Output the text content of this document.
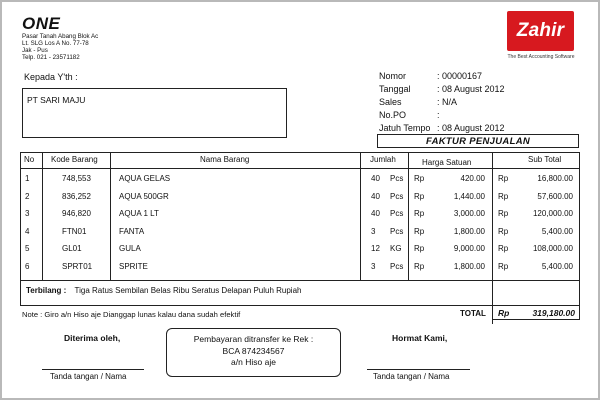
ONE
Pasar Tanah Abang Blok Ac
Lt. SLG Los A No. 77-78
Jak - Pus
Telp. 021 - 23571182
Zahir
The Best Accounting Software
Kepada Y'th :
PT SARI MAJU
Nomor	: 00000167
Tanggal	: 08 August 2012
Sales	: N/A
No.PO	:
Jatuh Tempo : 08 August 2012
FAKTUR PENJUALAN
No Kode Barang	Nama Barang	Jumlah	Harga Satuan	Sub Total
1	748,553	AQUA GELAS	40 Pcs Rp	420.00 Rp	16,800.00
2	836,252	AQUA 500GR	40 Pcs Rp	1,440.00 Rp	57,600.00
3	946,820	AQUA 1 LT	40 Pcs Rp	3,000.00 Rp	120,000.00
4	FTN01	FANTA	3 Pcs Rp	1,800.00 Rp	5,400.00
5	GL01	GULA	12 KG Rp	9,000.00 Rp	108,000.00
6	SPRT01	SPRITE	3 Pcs Rp	1,800.00 Rp	5,400.00
Terbilang : Tiga Ratus Sembilan Belas Ribu Seratus Delapan Puluh Rupiah
Note : Giro a/n Hiso aje Dianggap lunas kalau dana sudah efektif	TOTAL Rp	319,180.00
Diterima oleh,
Tanda tangan / Nama
Hormat Kami,
Tanda tangan / Nama
Pembayaran ditransfer ke Rek :
BCA 874234567
a/n Hiso aje
